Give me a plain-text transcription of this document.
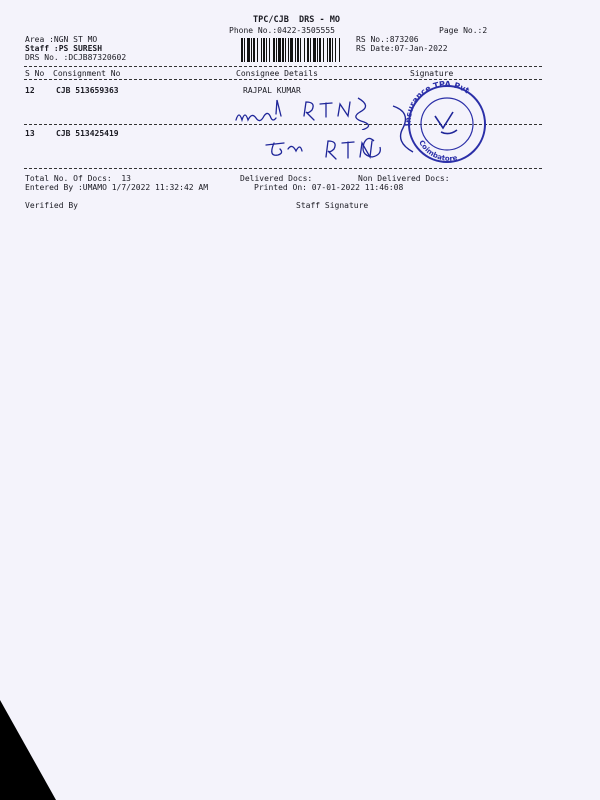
TPC/CJB  DRS - MO
Phone No.:0422-3505555	Page No.:2
Area :NGN ST MO
Staff :PS SURESH
DRS No. :DCJB87320602
RS No.:873206
RS Date:07-Jan-2022
S No Consignment No	Consignee Details	Signature
12	CJB 513659363	RAJPAL KUMAR
13	CJB 513425419
Insurance TPA Pvt
Coimbatore
Total No. Of Docs:  13	Delivered Docs:	Non Delivered Docs:
Entered By :UMAMO 1/7/2022 11:32:42 AM	Printed On: 07-01-2022 11:46:08
Verified By	Staff Signature
